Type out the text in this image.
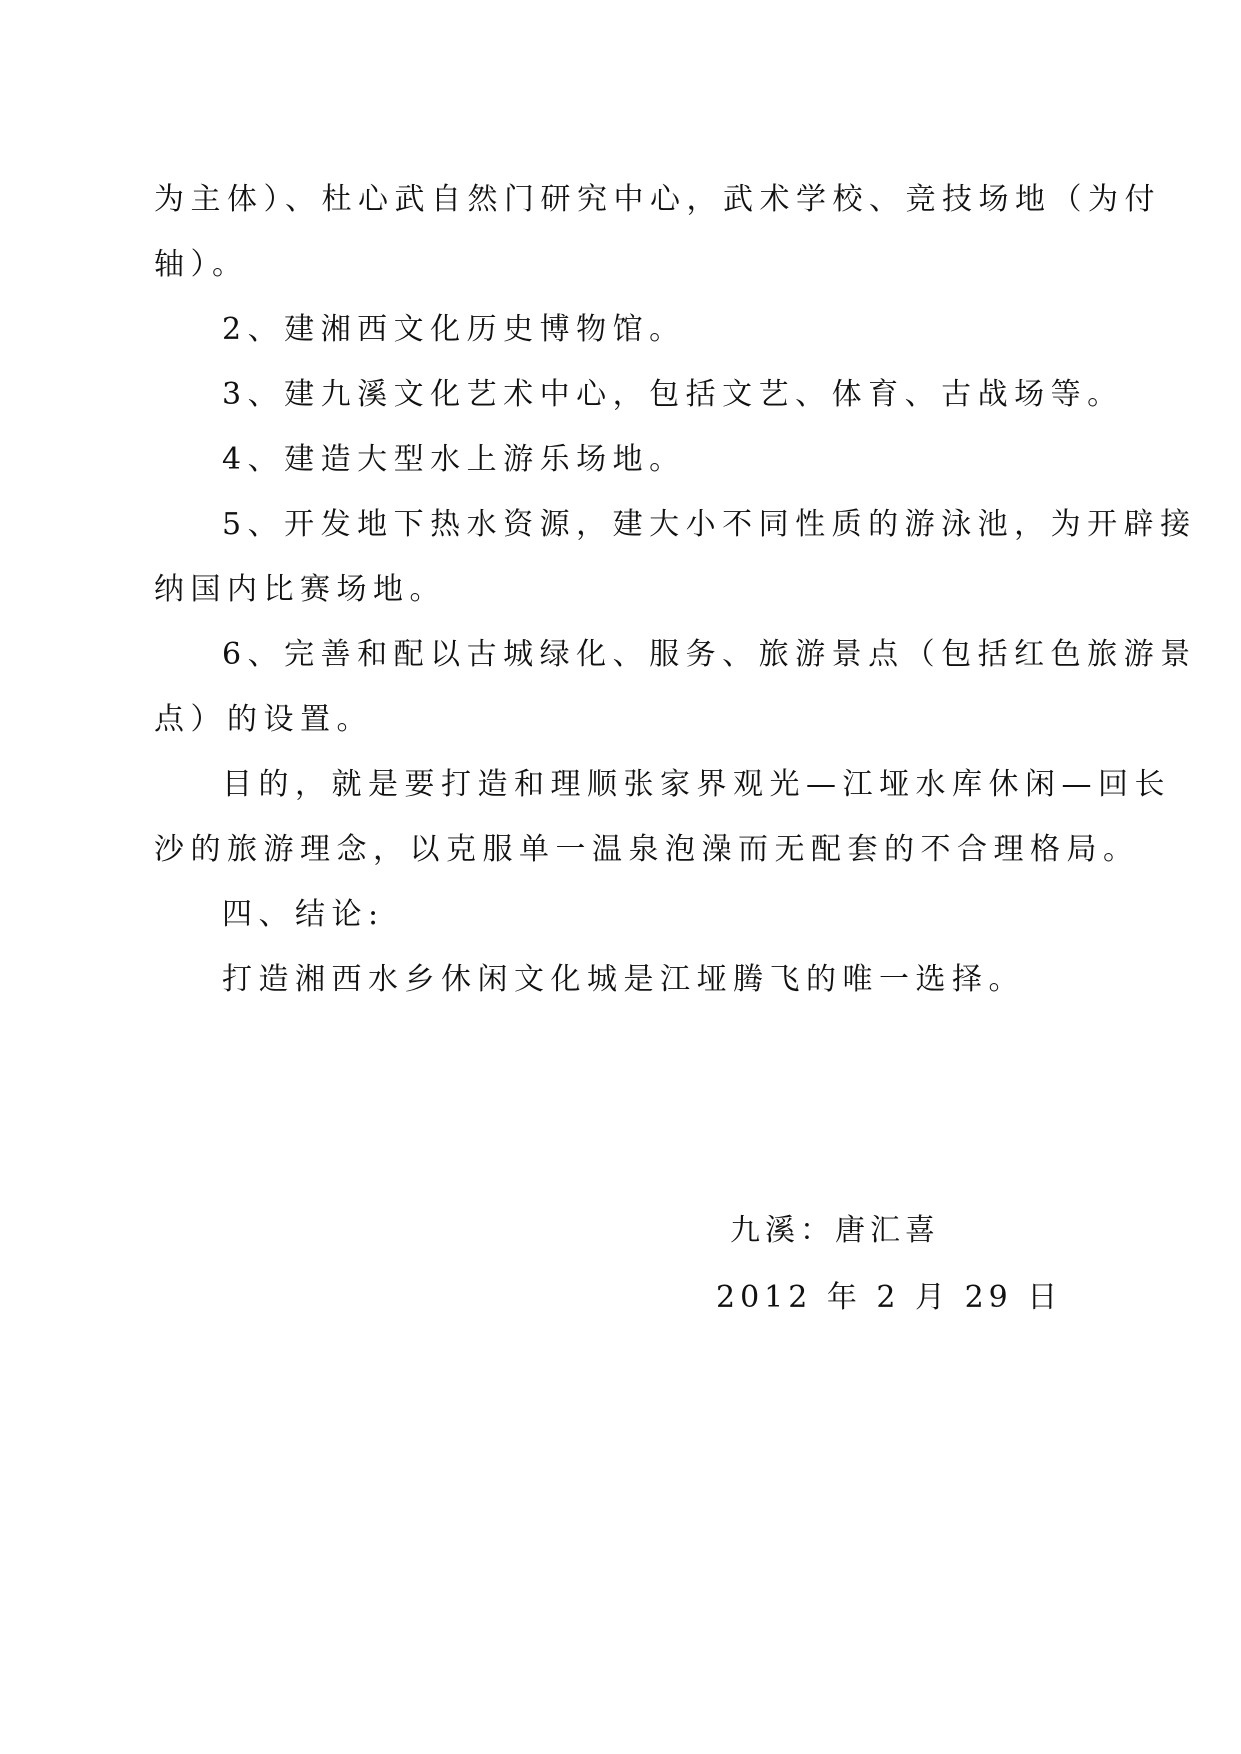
为主体）、杜心武自然门研究中心，武术学校、竞技场地（为付
轴）。
2、建湘西文化历史博物馆。
3、建九溪文化艺术中心，包括文艺、体育、古战场等。
4、建造大型水上游乐场地。
5、开发地下热水资源，建大小不同性质的游泳池，为开辟接
纳国内比赛场地。
6、完善和配以古城绿化、服务、旅游景点（包括红色旅游景
点）的设置。
目的，就是要打造和理顺张家界观光—江垭水库休闲—回长
沙的旅游理念，以克服单一温泉泡澡而无配套的不合理格局。
四、结论:
打造湘西水乡休闲文化城是江垭腾飞的唯一选择。
九溪：唐汇喜
2012 年 2 月 29 日
